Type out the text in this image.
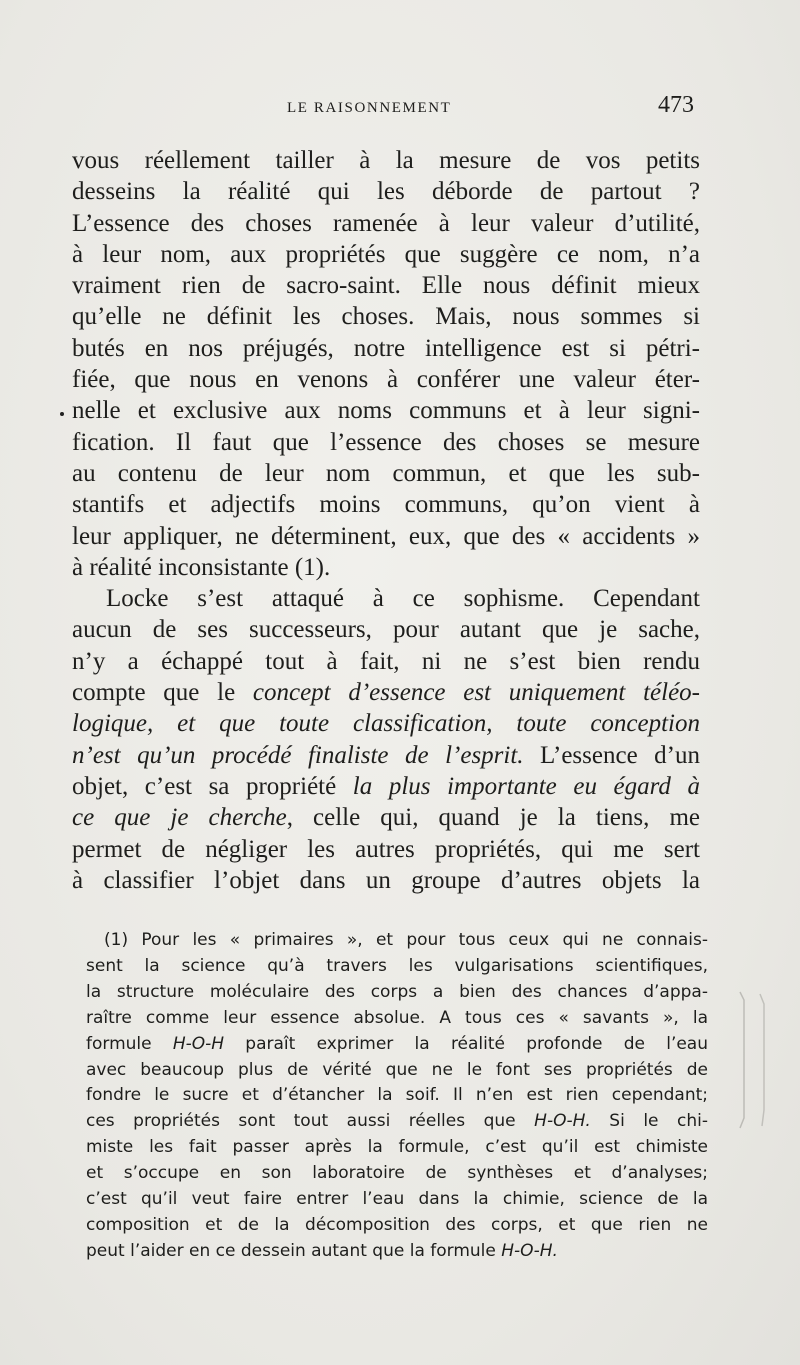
LE RAISONNEMENT	473
vous réellement tailler à la mesure de vos petits
desseins la réalité qui les déborde de partout ?
L’essence des choses ramenée à leur valeur d’utilité,
à leur nom, aux propriétés que suggère ce nom, n’a
vraiment rien de sacro-saint. Elle nous définit mieux
qu’elle ne définit les choses. Mais, nous sommes si
butés en nos préjugés, notre intelligence est si pétri-
fiée, que nous en venons à conférer une valeur éter-
nelle et exclusive aux noms communs et à leur signi-
fication. Il faut que l’essence des choses se mesure
au contenu de leur nom commun, et que les sub-
stantifs et adjectifs moins communs, qu’on vient à
leur appliquer, ne déterminent, eux, que des « accidents »
à réalité inconsistante (1).
Locke s’est attaqué à ce sophisme. Cependant
aucun de ses successeurs, pour autant que je sache,
n’y a échappé tout à fait, ni ne s’est bien rendu
compte que le concept d’essence est uniquement téléo-
logique, et que toute classification, toute conception
n’est qu’un procédé finaliste de l’esprit. L’essence d’un
objet, c’est sa propriété la plus importante eu égard à
ce que je cherche, celle qui, quand je la tiens, me
permet de négliger les autres propriétés, qui me sert
à classifier l’objet dans un groupe d’autres objets la
(1) Pour les « primaires », et pour tous ceux qui ne connais-
sent la science qu’à travers les vulgarisations scientifiques,
la structure moléculaire des corps a bien des chances d’appa-
raître comme leur essence absolue. A tous ces « savants », la
formule H-O-H paraît exprimer la réalité profonde de l’eau
avec beaucoup plus de vérité que ne le font ses propriétés de
fondre le sucre et d’étancher la soif. Il n’en est rien cependant;
ces propriétés sont tout aussi réelles que H-O-H. Si le chi-
miste les fait passer après la formule, c’est qu’il est chimiste
et s’occupe en son laboratoire de synthèses et d’analyses;
c’est qu’il veut faire entrer l’eau dans la chimie, science de la
composition et de la décomposition des corps, et que rien ne
peut l’aider en ce dessein autant que la formule H-O-H.
